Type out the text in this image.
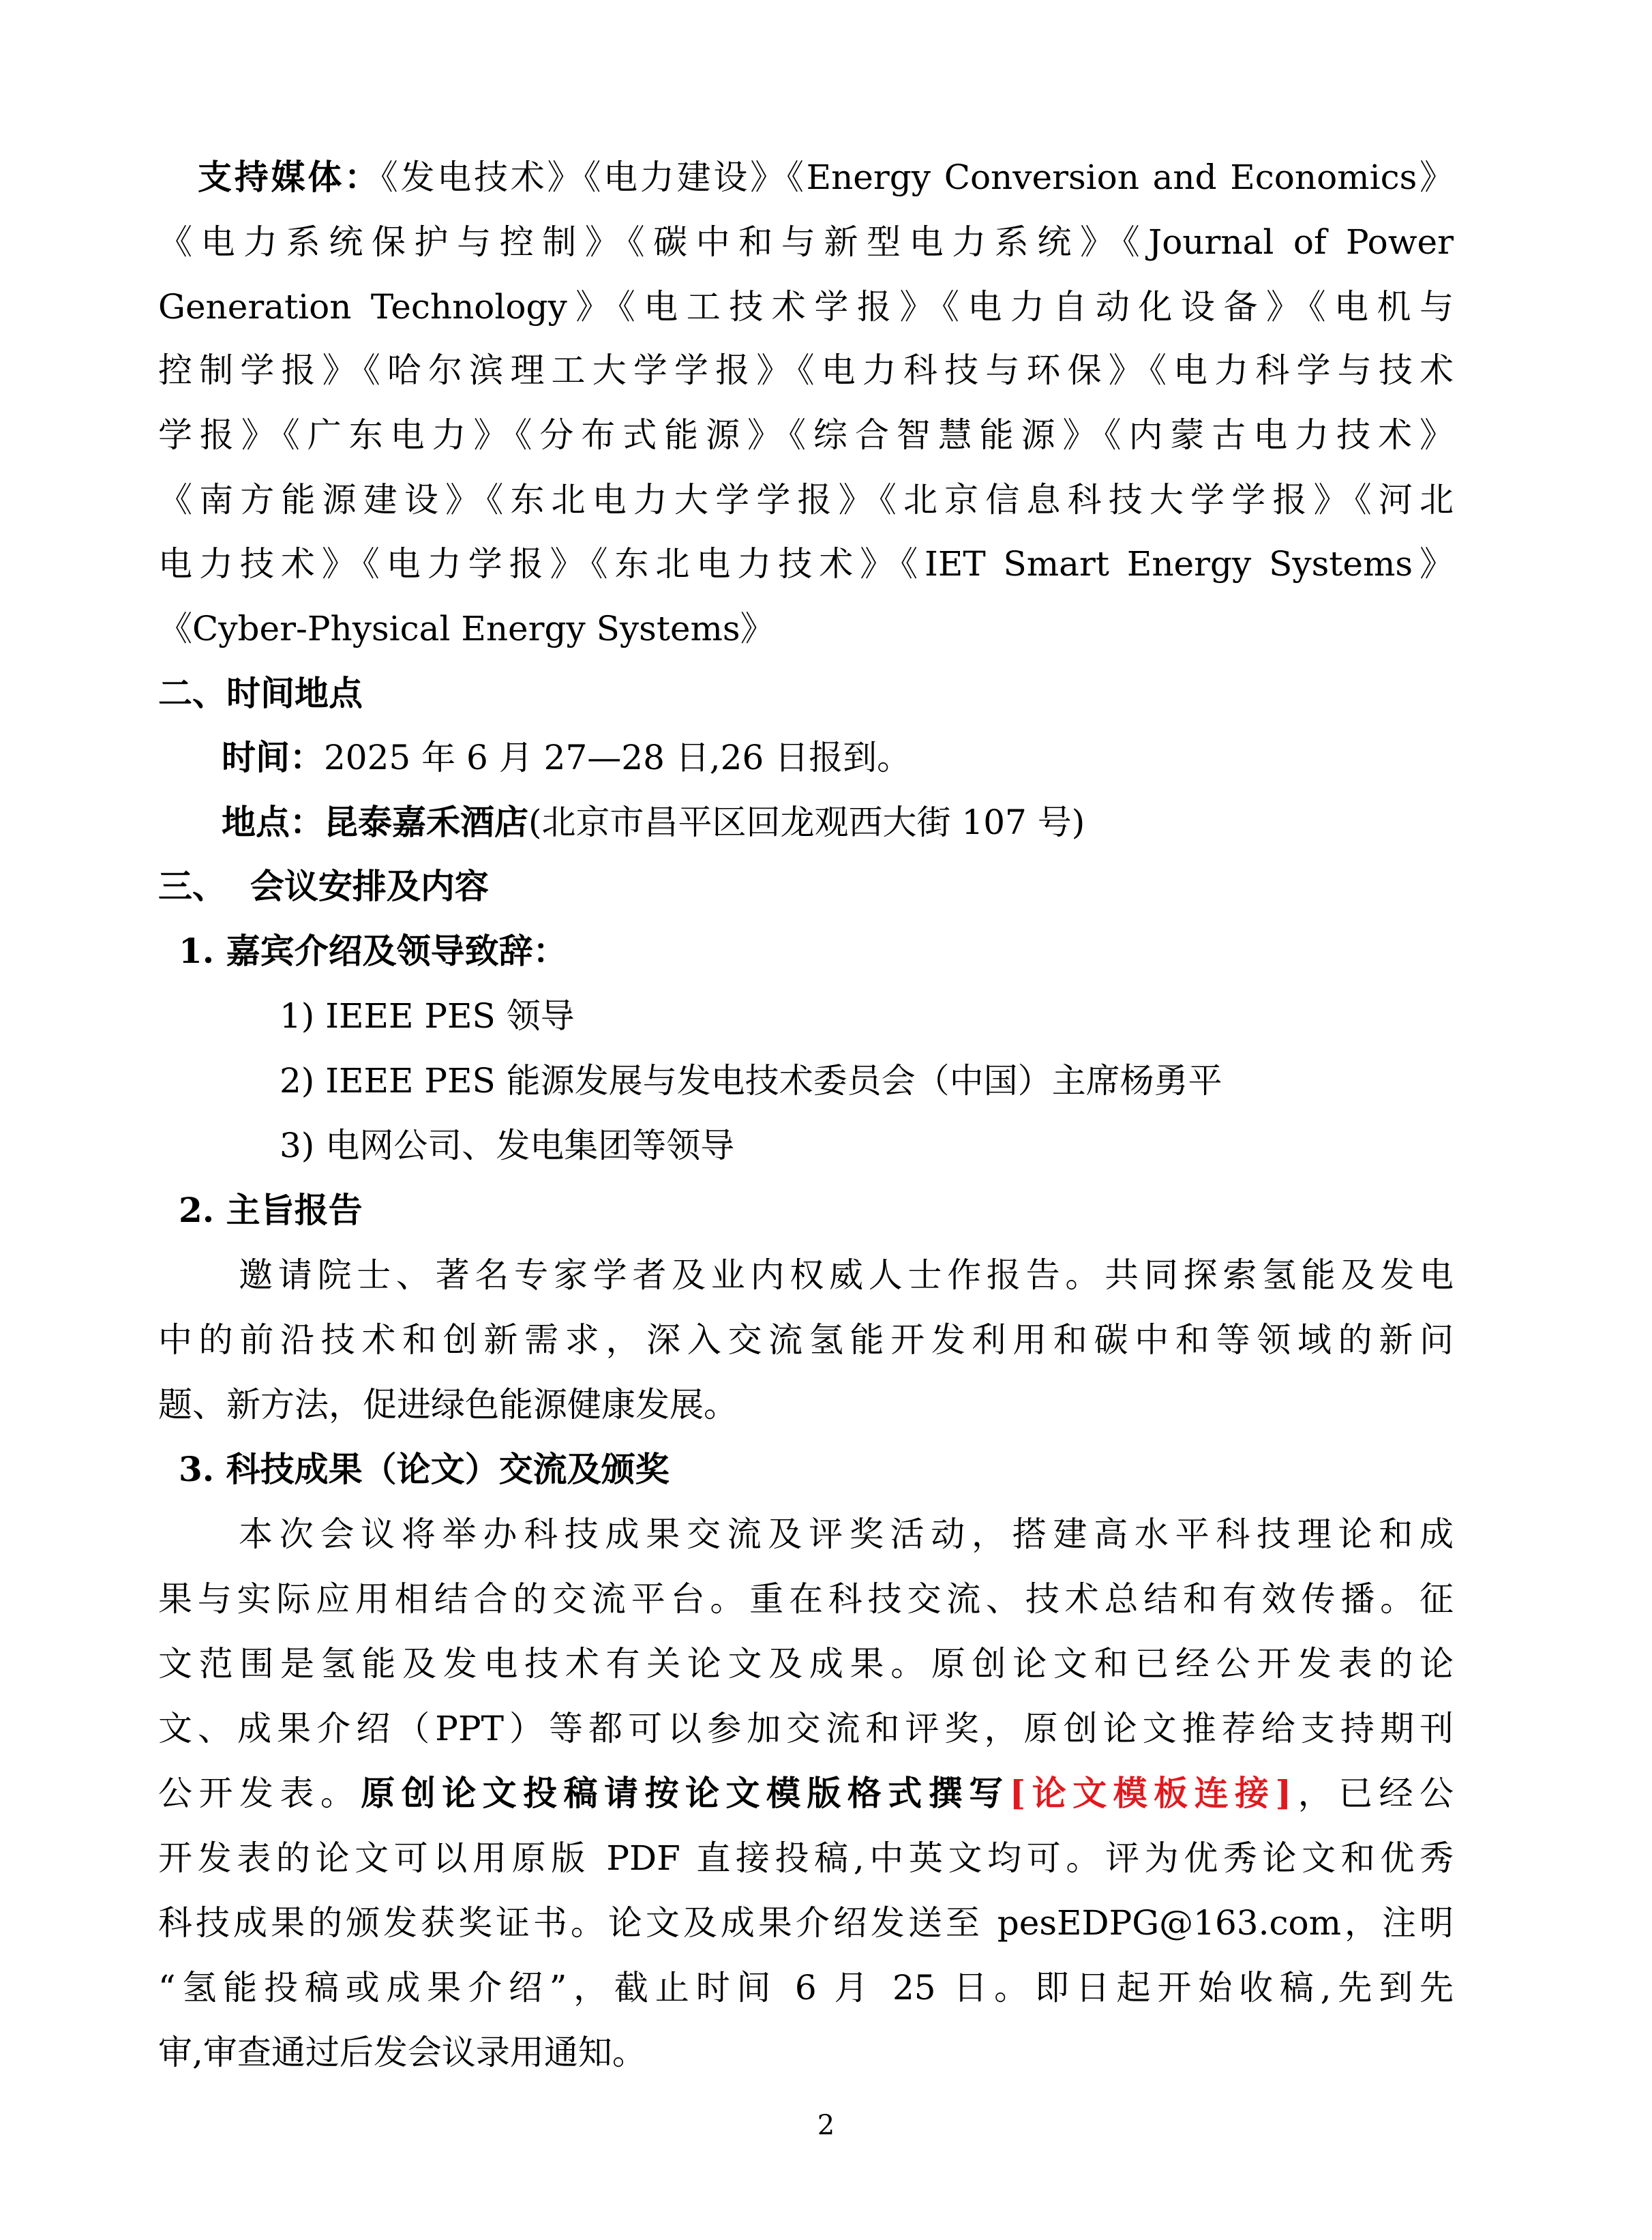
支持媒体：《发电技术》《电力建设》《Energy Conversion and Economics》
《电力系统保护与控制》《碳中和与新型电力系统》《Journal of Power
Generation Technology》《电工技术学报》《电力自动化设备》《电机与
控制学报》《哈尔滨理工大学学报》《电力科技与环保》《电力科学与技术
学报》《广东电力》《分布式能源》《综合智慧能源》《内蒙古电力技术》
《南方能源建设》《东北电力大学学报》《北京信息科技大学学报》《河北
电力技术》《电力学报》《东北电力技术》《IET Smart Energy Systems》
《Cyber-Physical Energy Systems》
二、时间地点
时间：2025 年 6 月 27—28 日,26 日报到。
地点：昆泰嘉禾酒店(北京市昌平区回龙观西大街 107 号)
三、  会议安排及内容
1. 嘉宾介绍及领导致辞：
1) IEEE PES 领导
2) IEEE PES 能源发展与发电技术委员会（中国）主席杨勇平
3) 电网公司、发电集团等领导
2. 主旨报告
邀请院士、著名专家学者及业内权威人士作报告。共同探索氢能及发电
中的前沿技术和创新需求，深入交流氢能开发利用和碳中和等领域的新问
题、新方法，促进绿色能源健康发展。
3. 科技成果（论文）交流及颁奖
本次会议将举办科技成果交流及评奖活动，搭建高水平科技理论和成
果与实际应用相结合的交流平台。重在科技交流、技术总结和有效传播。征
文范围是氢能及发电技术有关论文及成果。原创论文和已经公开发表的论
文、成果介绍（PPT）等都可以参加交流和评奖，原创论文推荐给支持期刊
公开发表。原创论文投稿请按论文模版格式撰写[论文模板连接]，已经公
开发表的论文可以用原版 PDF 直接投稿,中英文均可。评为优秀论文和优秀
科技成果的颁发获奖证书。论文及成果介绍发送至 pesEDPG@163.com，注明
“氢能投稿或成果介绍”，截止时间 6 月 25 日。即日起开始收稿,先到先
审,审查通过后发会议录用通知。
2
